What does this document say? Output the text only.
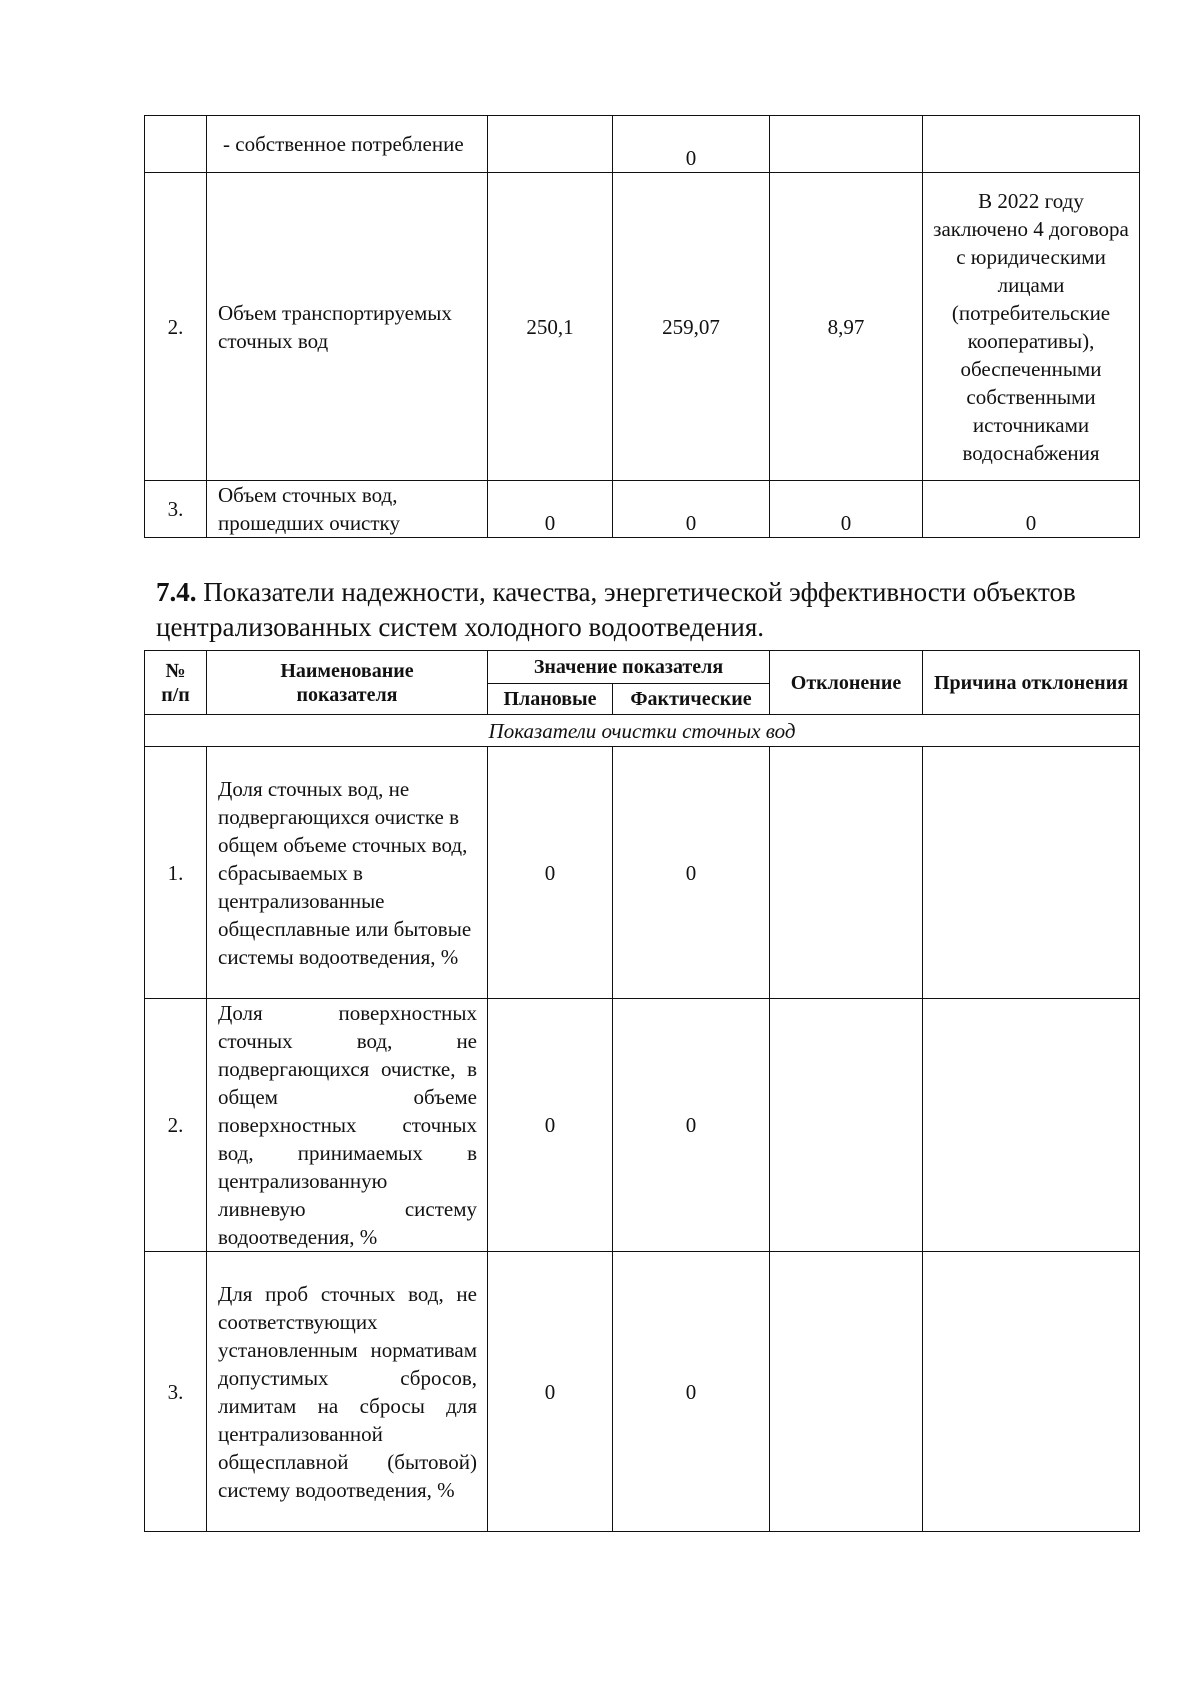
	- собственное потребление		0		
2.	Объем транспортируемых сточных вод	250,1	259,07	8,97	В 2022 году заключено 4 договора с юридическими лицами (потребительские кооперативы), обеспеченными собственными источниками водоснабжения
3.	Объем сточных вод, прошедших очистку	0	0	0	0
7.4. Показатели надежности, качества, энергетической эффективности объектов централизованных систем холодного водоотведения.
№ п/п	Наименование показателя	Значение показателя		Отклонение	Причина отклонения
		Плановые	Фактические		
Показатели очистки сточных вод					
1.	Доля сточных вод, не подвергающихся очистке в общем объеме сточных вод, сбрасываемых в централизованные общесплавные или бытовые системы водоотведения, %	0	0		
2.	Доля поверхностных сточных вод, не подвергающихся очистке, в общем объеме поверхностных сточных вод, принимаемых в централизованную ливневую систему водоотведения, %	0	0		
3.	Для проб сточных вод, не соответствующих установленным нормативам допустимых сбросов, лимитам на сбросы для централизованной общесплавной (бытовой) систему водоотведения, %	0	0		
